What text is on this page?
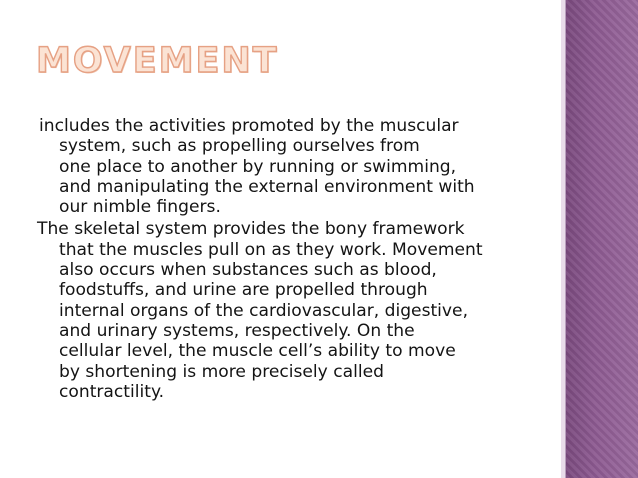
MOVEMENT
includes the activities promoted by the muscular
system, such as propelling ourselves from
one place to another by running or swimming,
and manipulating the external environment with
our nimble fingers.
The skeletal system provides the bony framework
that the muscles pull on as they work. Movement
also occurs when substances such as blood,
foodstuffs, and urine are propelled through
internal organs of the cardiovascular, digestive,
and urinary systems, respectively. On the
cellular level, the muscle cell’s ability to move
by shortening is more precisely called
contractility.
